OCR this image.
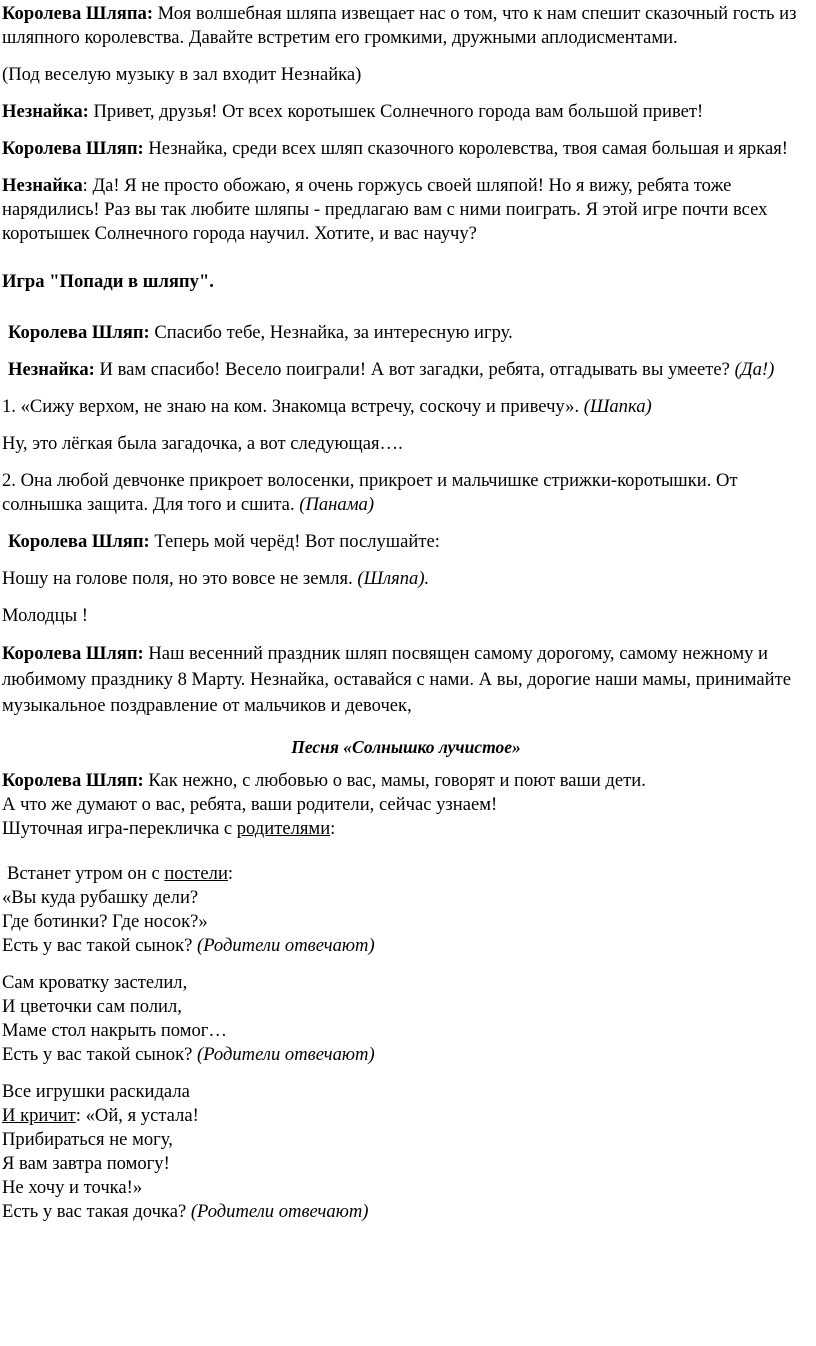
Королева Шляпа: Моя волшебная шляпа извещает нас о том, что к нам спешит сказочный гость из шляпного королевства. Давайте встретим его громкими, дружными аплодисментами.

(Под веселую музыку в зал входит Незнайка)

Незнайка: Привет, друзья! От всех коротышек Солнечного города вам большой привет!

Королева Шляп: Незнайка, среди всех шляп сказочного королевства, твоя самая большая и яркая!

Незнайка: Да! Я не просто обожаю, я очень горжусь своей шляпой! Но я вижу, ребята тоже нарядились! Раз вы так любите шляпы - предлагаю вам с ними поиграть. Я этой игре почти всех коротышек Солнечного города научил. Хотите, и вас научу?

Игра "Попади в шляпу".

Королева Шляп: Спасибо тебе, Незнайка, за интересную игру.

Незнайка: И вам спасибо! Весело поиграли! А вот загадки, ребята, отгадывать вы умеете? (Да!)

1. «Сижу верхом, не знаю на ком. Знакомца встречу, соскочу и привечу». (Шапка)

Ну, это лёгкая была загадочка, а вот следующая….

2. Она любой девчонке прикроет волосенки, прикроет и мальчишке стрижки-коротышки. От солнышка защита. Для того и сшита. (Панама)

Королева Шляп: Теперь мой черёд! Вот послушайте:

Ношу на голове поля, но это вовсе не земля. (Шляпа).

Молодцы !

Королева Шляп: Наш весенний праздник шляп посвящен самому дорогому, самому нежному и любимому празднику 8 Марту. Незнайка, оставайся с нами. А вы, дорогие наши мамы, принимайте музыкальное поздравление от мальчиков и девочек,

Песня «Солнышко лучистое»

Королева Шляп: Как нежно, с любовью о вас, мамы, говорят и поют ваши дети.
А что же думают о вас, ребята, ваши родители, сейчас узнаем!
Шуточная игра-перекличка с родителями:

Встанет утром он с постели:
«Вы куда рубашку дели?
Где ботинки? Где носок?»
Есть у вас такой сынок? (Родители отвечают)

Сам кроватку застелил,
И цветочки сам полил,
Маме стол накрыть помог…
Есть у вас такой сынок? (Родители отвечают)

Все игрушки раскидала
И кричит: «Ой, я устала!
Прибираться не могу,
Я вам завтра помогу!
Не хочу и точка!»
Есть у вас такая дочка? (Родители отвечают)
